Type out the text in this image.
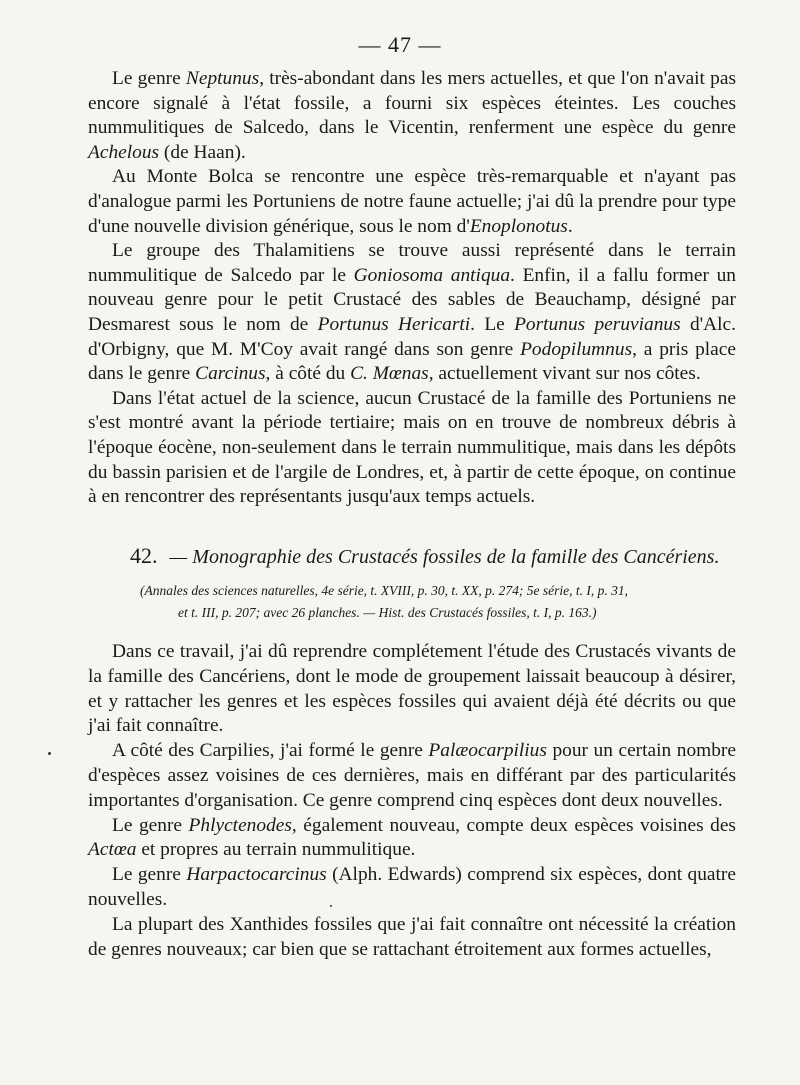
— 47 —

Le genre Neptunus, très-abondant dans les mers actuelles, et que l'on n'avait pas encore signalé à l'état fossile, a fourni six espèces éteintes. Les couches nummulitiques de Salcedo, dans le Vicentin, renferment une espèce du genre Achelous (de Haan).

Au Monte Bolca se rencontre une espèce très-remarquable et n'ayant pas d'analogue parmi les Portuniens de notre faune actuelle; j'ai dû la prendre pour type d'une nouvelle division générique, sous le nom d'Enoplonotus.

Le groupe des Thalamitiens se trouve aussi représenté dans le terrain nummulitique de Salcedo par le Goniosoma antiqua. Enfin, il a fallu former un nouveau genre pour le petit Crustacé des sables de Beauchamp, désigné par Desmarest sous le nom de Portunus Hericarti. Le Portunus peruvianus d'Alc. d'Orbigny, que M. M'Coy avait rangé dans son genre Podopilumnus, a pris place dans le genre Carcinus, à côté du C. Mœnas, actuellement vivant sur nos côtes.

Dans l'état actuel de la science, aucun Crustacé de la famille des Portuniens ne s'est montré avant la période tertiaire; mais on en trouve de nombreux débris à l'époque éocène, non-seulement dans le terrain nummulitique, mais dans les dépôts du bassin parisien et de l'argile de Londres, et, à partir de cette époque, on continue à en rencontrer des représentants jusqu'aux temps actuels.

42. — Monographie des Crustacés fossiles de la famille des Cancériens.
(Annales des sciences naturelles, 4e série, t. XVIII, p. 30, t. XX, p. 274; 5e série, t. I, p. 31,
et t. III, p. 207; avec 26 planches. — Hist. des Crustacés fossiles, t. I, p. 163.)

Dans ce travail, j'ai dû reprendre complétement l'étude des Crustacés vivants de la famille des Cancériens, dont le mode de groupement laissait beaucoup à désirer, et y rattacher les genres et les espèces fossiles qui avaient déjà été décrits ou que j'ai fait connaître.

A côté des Carpilies, j'ai formé le genre Palæocarpilius pour un certain nombre d'espèces assez voisines de ces dernières, mais en différant par des particularités importantes d'organisation. Ce genre comprend cinq espèces dont deux nouvelles.

Le genre Phlyctenodes, également nouveau, compte deux espèces voisines des Actœa et propres au terrain nummulitique.

Le genre Harpactocarcinus (Alph. Edwards) comprend six espèces, dont quatre nouvelles.

La plupart des Xanthides fossiles que j'ai fait connaître ont nécessité la création de genres nouveaux; car bien que se rattachant étroitement aux formes actuelles,
